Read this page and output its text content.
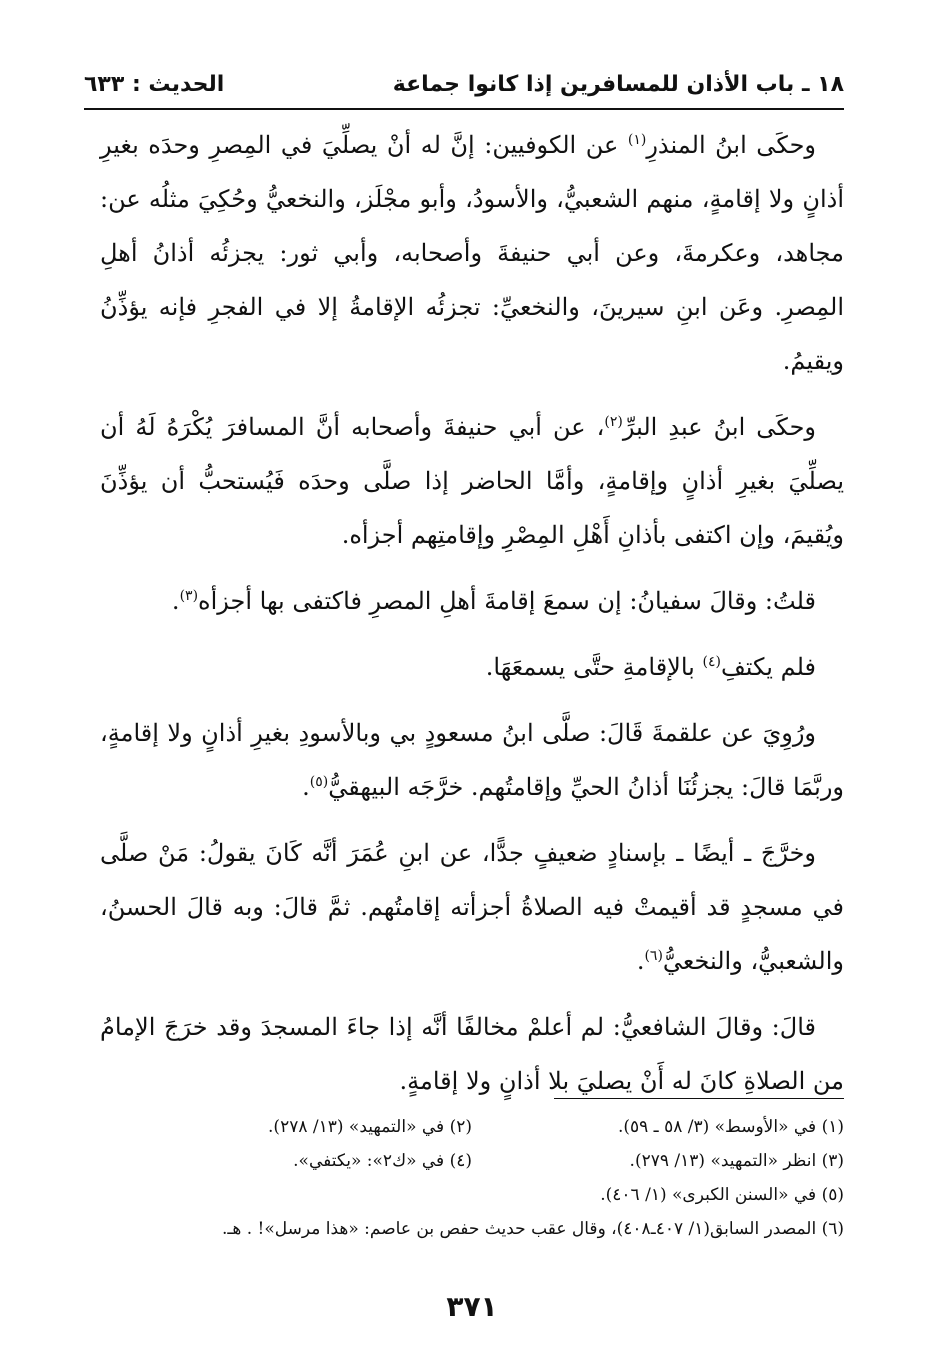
١٨ ـ باب الأذان للمسافرين إذا كانوا جماعة
الحديث : ٦٣٣

وحكَى ابنُ المنذرِ$^{(١)}$ عن الكوفيين: إنَّ له أنْ يصلِّيَ في المِصرِ وحدَه بغيرِ أذانٍ ولا إقامةٍ، منهم الشعبيُّ، والأسودُ، وأبو مجْلَز، والنخعيُّ وحُكِيَ مثلُه عن: مجاهد، وعكرمةَ، وعن أبي حنيفةَ وأصحابه، وأبي ثور: يجزئُه أذانُ أهلِ المِصرِ. وعَن ابنِ سيرينَ، والنخعيِّ: تجزئُه الإقامةُ إلا في الفجرِ فإنه يؤذِّنُ ويقيمُ.

وحكَى ابنُ عبدِ البرِّ$^{(٢)}$، عن أبي حنيفةَ وأصحابه أنَّ المسافرَ يُكْرَهُ لَهُ أن يصلِّيَ بغيرِ أذانٍ وإقامةٍ، وأمَّا الحاضر إذا صلَّى وحدَه فَيُستحبُّ أن يؤذِّنَ ويُقيمَ، وإن اكتفى بأذانِ أَهْلِ المِصْرِ وإقامتِهم أجزأه.

قلتُ: وقالَ سفيانُ: إن سمعَ إقامةَ أهلِ المصرِ فاكتفى بها أجزأه$^{(٣)}$.

فلم يكتفِ$^{(٤)}$ بالإقامةِ حتَّى يسمعَهَا.

ورُوِيَ عن علقمةَ قَالَ: صلَّى ابنُ مسعودٍ بي وبالأسودِ بغيرِ أذانٍ ولا إقامةٍ، وربَّمَا قالَ: يجزئُنَا أذانُ الحيِّ وإقامتُهم. خرَّجَه البيهقيُّ$^{(٥)}$.

وخرَّجَ ـ أيضًا ـ بإسنادٍ ضعيفٍ جدًّا، عن ابنِ عُمَرَ أنَّه كَانَ يقولُ: مَنْ صلَّى في مسجدٍ قد أقيمتْ فيه الصلاةُ أجزأته إقامتُهم. ثمَّ قالَ: وبه قالَ الحسنُ، والشعبيُّ، والنخعيُّ$^{(٦)}$.

قالَ: وقالَ الشافعيُّ: لم أعلمْ مخالفًا أنَّه إذا جاءَ المسجدَ وقد خرَجَ الإمامُ من الصلاةِ كانَ له أَنْ يصليَ بلا أذانٍ ولا إقامةٍ.

(١) في «الأوسط» (٣/ ٥٨ ـ ٥٩).
(٢) في «التمهيد» (١٣/ ٢٧٨).
(٣) انظر «التمهيد» (١٣/ ٢٧٩).
(٤) في «ك٢»: «يكتفي».
(٥) في «السنن الكبرى» (١/ ٤٠٦).
(٦) المصدر السابق(١/ ٤٠٧ـ٤٠٨)، وقال عقب حديث حفص بن عاصم: «هذا مرسل»! . هـ.
٣٧١
